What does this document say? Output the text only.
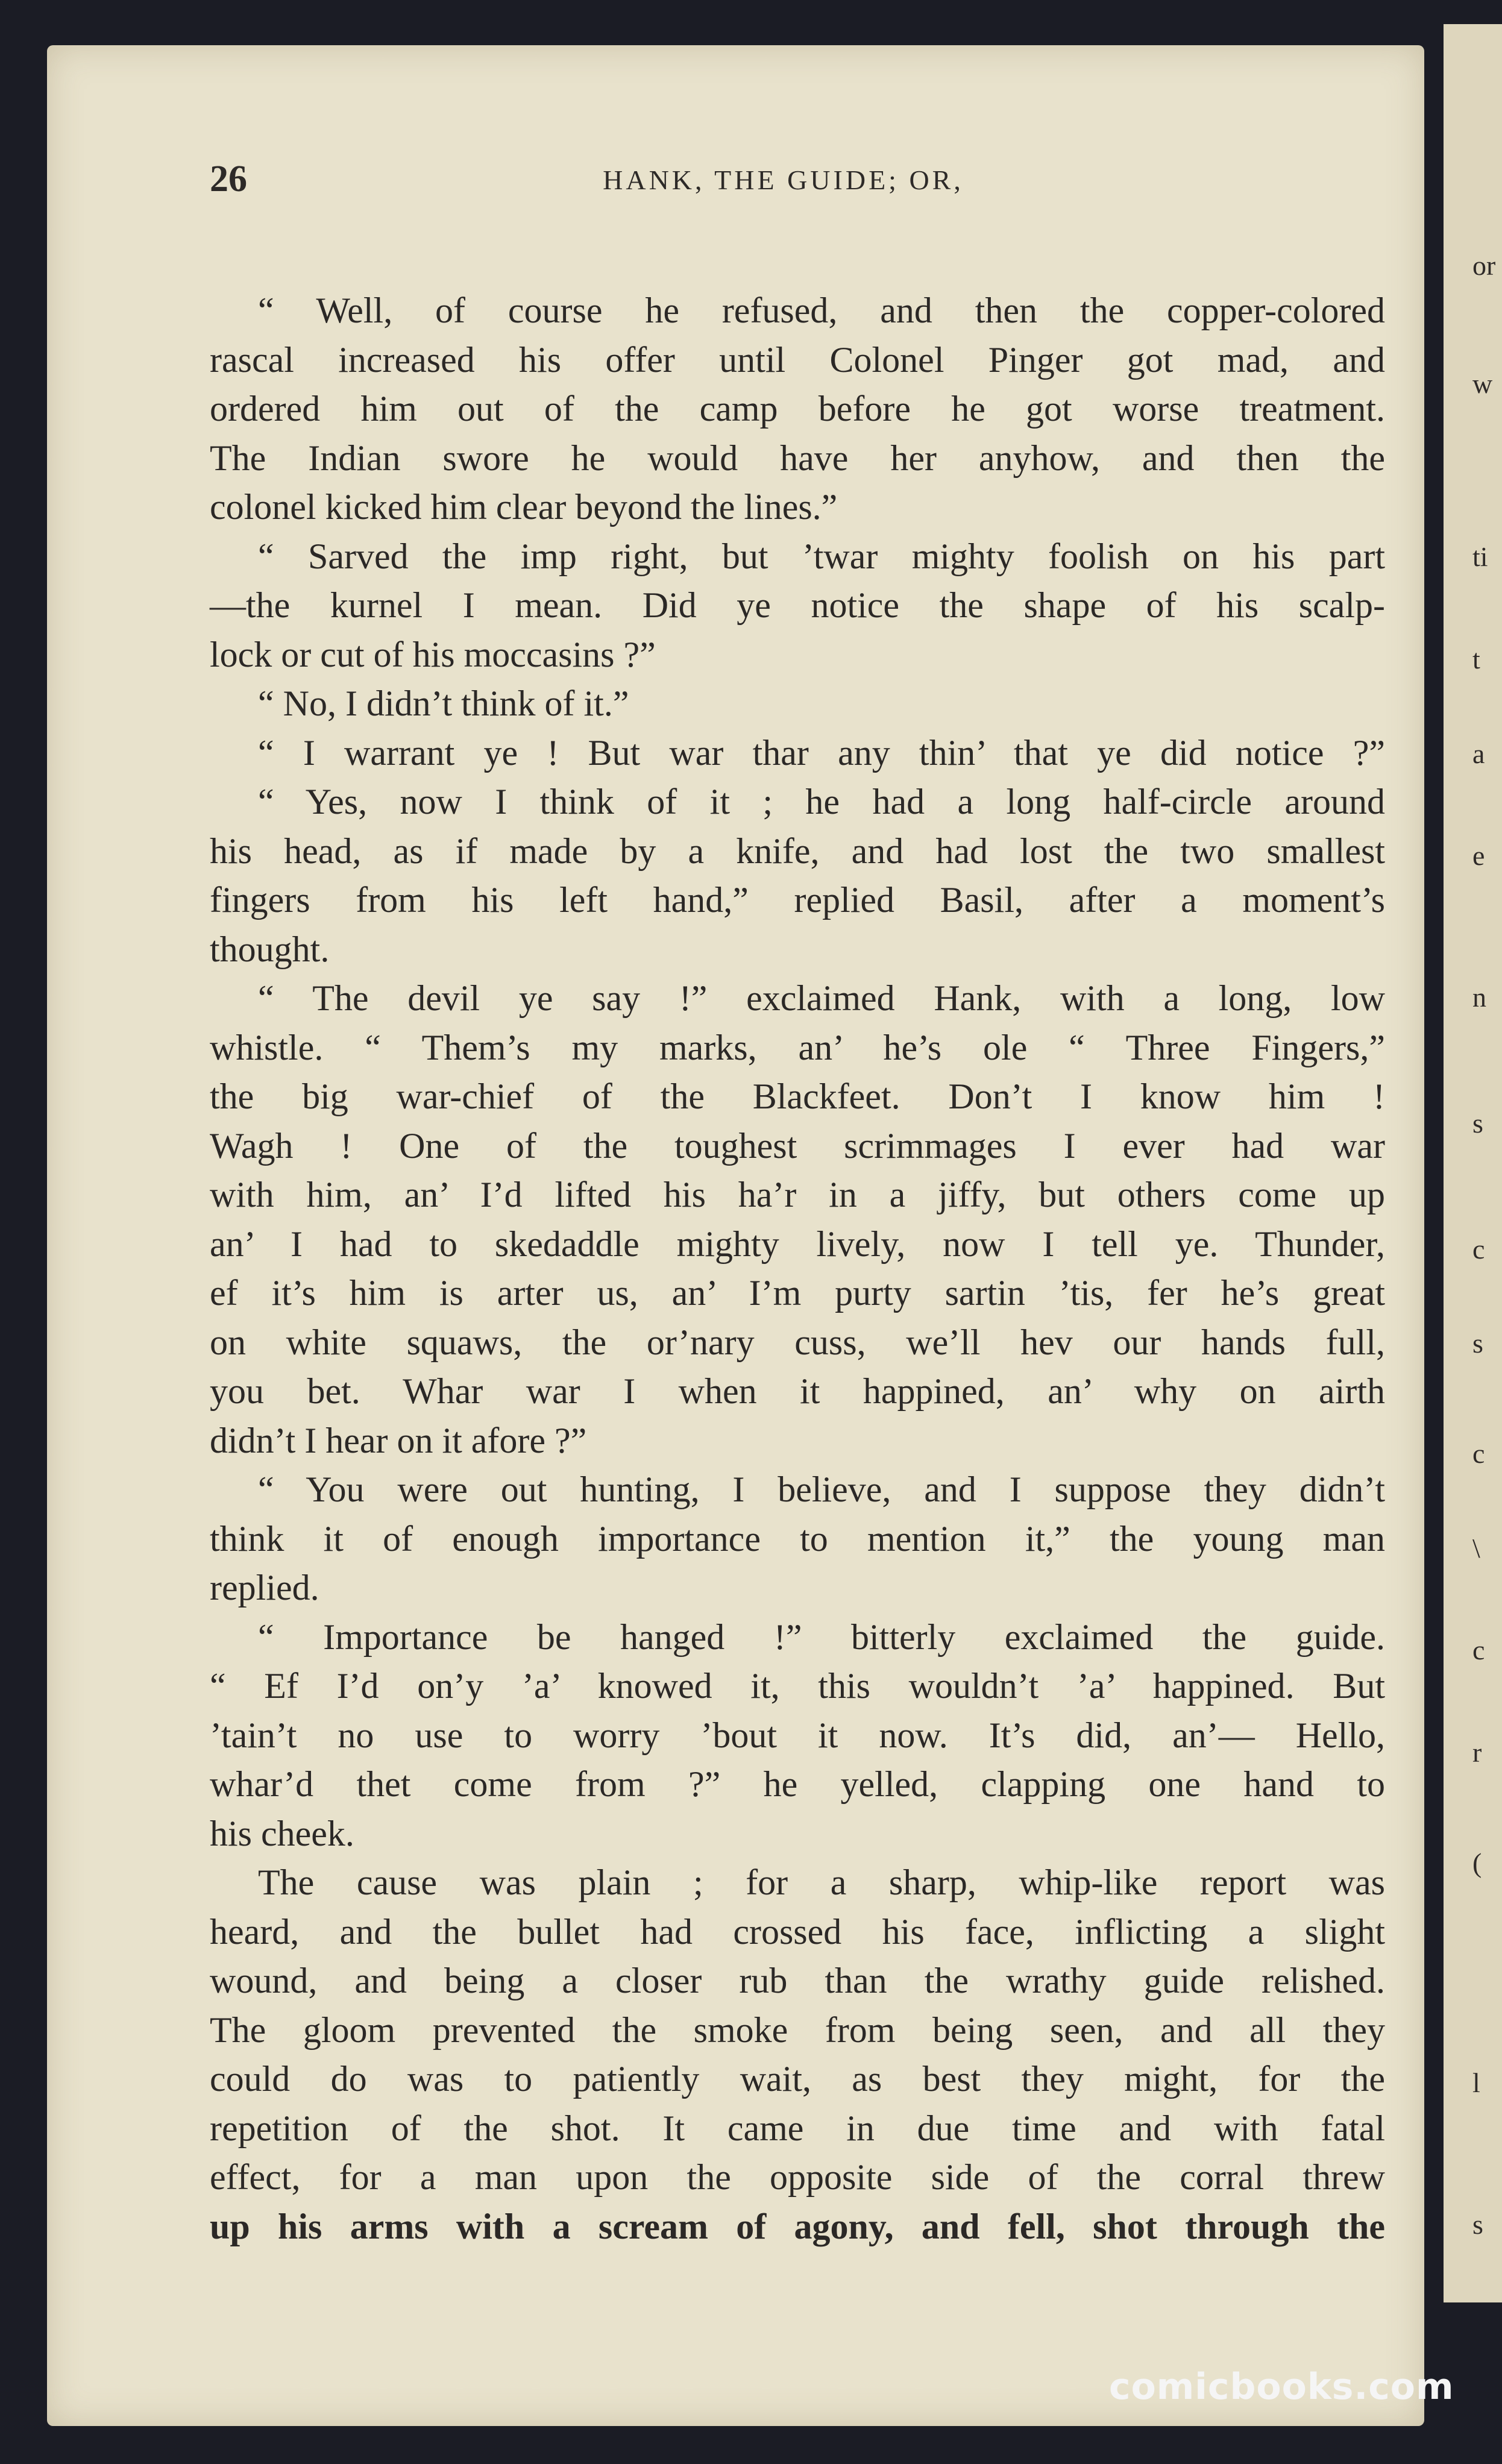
or
w
ti
t
a
e
n
s
c
s
c
\
c
r
(
l
s
26	HANK, THE GUIDE; OR,
“ Well, of course he refused, and then the copper-colored
rascal increased his offer until Colonel Pinger got mad, and
ordered him out of the camp before he got worse treatment.
The Indian swore he would have her anyhow, and then the
colonel kicked him clear beyond the lines.”
“ Sarved the imp right, but ’twar mighty foolish on his part
—the kurnel I mean. Did ye notice the shape of his scalp-
lock or cut of his moccasins ?”
“ No, I didn’t think of it.”
“ I warrant ye ! But war thar any thin’ that ye did notice ?”
“ Yes, now I think of it ; he had a long half-circle around
his head, as if made by a knife, and had lost the two smallest
fingers from his left hand,” replied Basil, after a moment’s
thought.
“ The devil ye say !” exclaimed Hank, with a long, low
whistle. “ Them’s my marks, an’ he’s ole “ Three Fingers,”
the big war-chief of the Blackfeet. Don’t I know him !
Wagh ! One of the toughest scrimmages I ever had war
with him, an’ I’d lifted his ha’r in a jiffy, but others come up
an’ I had to skedaddle mighty lively, now I tell ye. Thunder,
ef it’s him is arter us, an’ I’m purty sartin ’tis, fer he’s great
on white squaws, the or’nary cuss, we’ll hev our hands full,
you bet. Whar war I when it happined, an’ why on airth
didn’t I hear on it afore ?”
“ You were out hunting, I believe, and I suppose they didn’t
think it of enough importance to mention it,” the young man
replied.
“ Importance be hanged !” bitterly exclaimed the guide.
“ Ef I’d on’y ’a’ knowed it, this wouldn’t ’a’ happined. But
’tain’t no use to worry ’bout it now. It’s did, an’— Hello,
whar’d thet come from ?” he yelled, clapping one hand to
his cheek.
The cause was plain ; for a sharp, whip-like report was
heard, and the bullet had crossed his face, inflicting a slight
wound, and being a closer rub than the wrathy guide relished.
The gloom prevented the smoke from being seen, and all they
could do was to patiently wait, as best they might, for the
repetition of the shot. It came in due time and with fatal
effect, for a man upon the opposite side of the corral threw
up his arms with a scream of agony, and fell, shot through the
comicbooks.com
